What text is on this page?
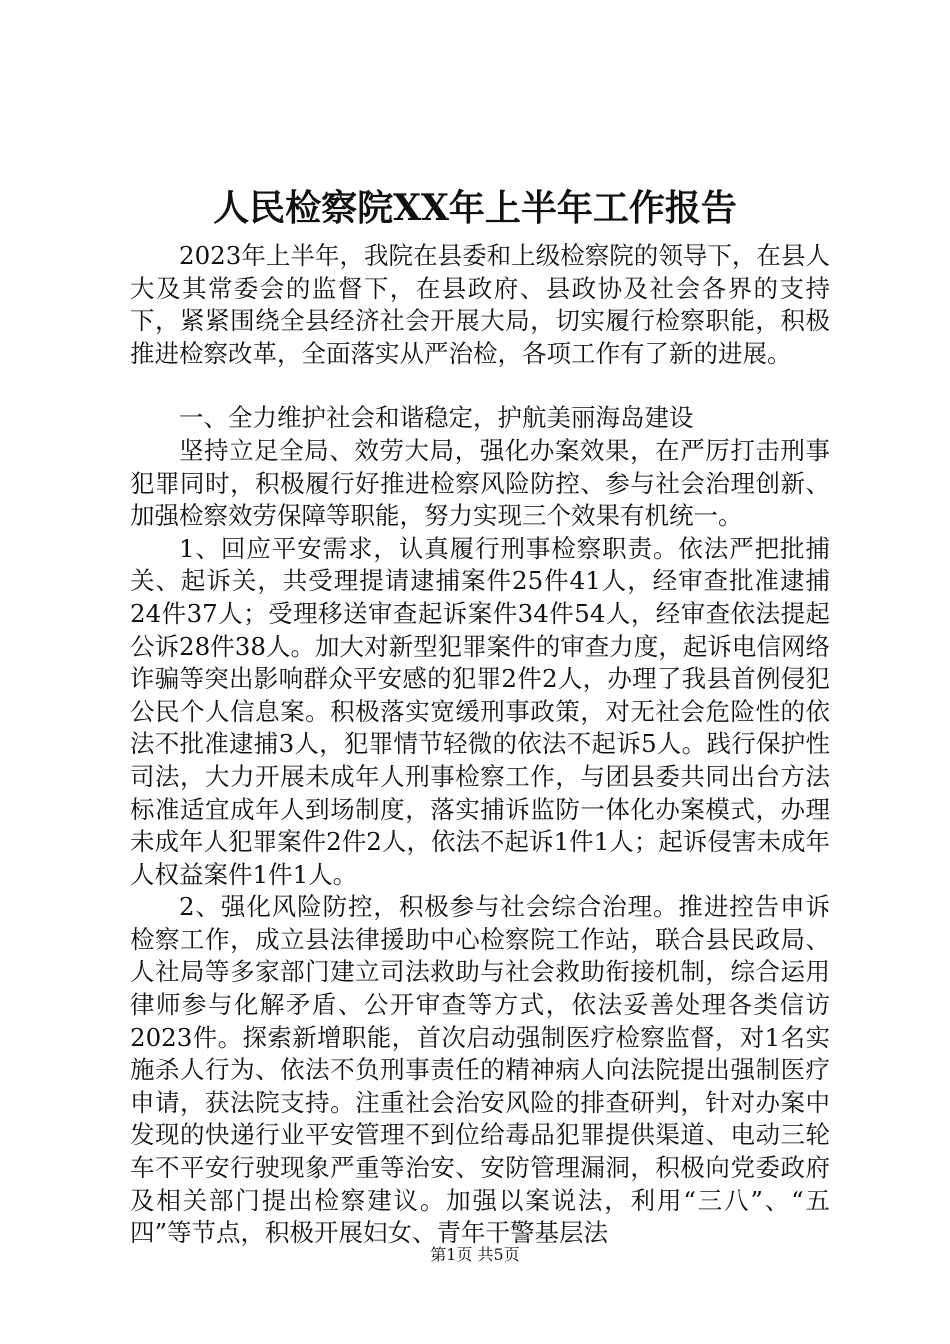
人民检察院XX年上半年工作报告

2023年上半年，我院在县委和上级检察院的领导下，在县人大及其常委会的监督下，在县政府、县政协及社会各界的支持下，紧紧围绕全县经济社会开展大局，切实履行检察职能，积极推进检察改革，全面落实从严治检，各项工作有了新的进展。

一、全力维护社会和谐稳定，护航美丽海岛建设

坚持立足全局、效劳大局，强化办案效果，在严厉打击刑事犯罪同时，积极履行好推进检察风险防控、参与社会治理创新、加强检察效劳保障等职能，努力实现三个效果有机统一。

1、回应平安需求，认真履行刑事检察职责。依法严把批捕关、起诉关，共受理提请逮捕案件25件41人，经审查批准逮捕24件37人；受理移送审查起诉案件34件54人，经审查依法提起公诉28件38人。加大对新型犯罪案件的审查力度，起诉电信网络诈骗等突出影响群众平安感的犯罪2件2人，办理了我县首例侵犯公民个人信息案。积极落实宽缓刑事政策，对无社会危险性的依法不批准逮捕3人，犯罪情节轻微的依法不起诉5人。践行保护性司法，大力开展未成年人刑事检察工作，与团县委共同出台方法标准适宜成年人到场制度，落实捕诉监防一体化办案模式，办理未成年人犯罪案件2件2人，依法不起诉1件1人；起诉侵害未成年人权益案件1件1人。

2、强化风险防控，积极参与社会综合治理。推进控告申诉检察工作，成立县法律援助中心检察院工作站，联合县民政局、人社局等多家部门建立司法救助与社会救助衔接机制，综合运用律师参与化解矛盾、公开审查等方式，依法妥善处理各类信访2023件。探索新增职能，首次启动强制医疗检察监督，对1名实施杀人行为、依法不负刑事责任的精神病人向法院提出强制医疗申请，获法院支持。注重社会治安风险的排查研判，针对办案中发现的快递行业平安管理不到位给毒品犯罪提供渠道、电动三轮车不平安行驶现象严重等治安、安防管理漏洞，积极向党委政府及相关部门提出检察建议。加强以案说法，利用“三八”、“五四”等节点，积极开展妇女、青年干警基层法

第1页 共5页
